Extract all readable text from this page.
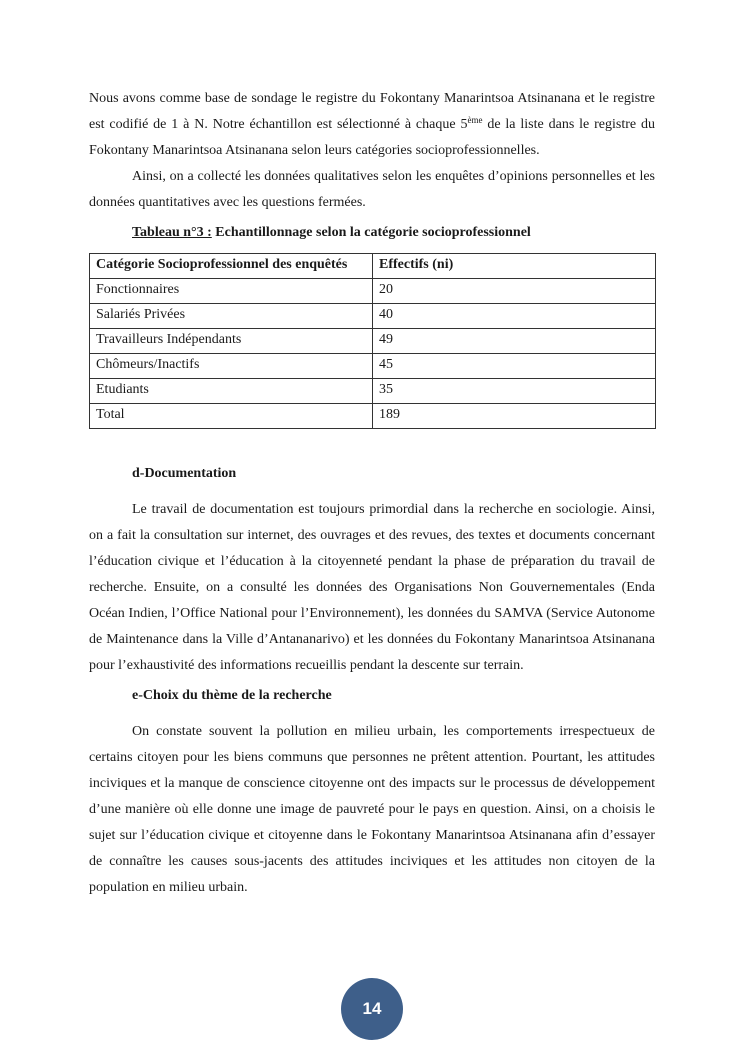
Nous avons comme base de sondage le registre du Fokontany Manarintsoa Atsinanana et le registre est codifié de 1 à N. Notre échantillon est sélectionné à chaque 5ème de la liste dans le registre du Fokontany Manarintsoa Atsinanana selon leurs catégories socioprofessionnelles.

Ainsi, on a collecté les données qualitatives selon les enquêtes d’opinions personnelles et les données quantitatives avec les questions fermées.

Tableau n°3 : Echantillonnage selon la catégorie socioprofessionnel
Catégorie Socioprofessionnel des enquêtés	Effectifs (ni)
Fonctionnaires	20
Salariés Privées	40
Travailleurs Indépendants	49
Chômeurs/Inactifs	45
Etudiants	35
Total	189
d-Documentation

Le travail de documentation est toujours primordial dans la recherche en sociologie. Ainsi, on a fait la consultation sur internet, des ouvrages et des revues, des textes et documents concernant l’éducation civique et l’éducation à la citoyenneté pendant la phase de préparation du travail de recherche. Ensuite, on a consulté les données des Organisations Non Gouvernementales (Enda Océan Indien, l’Office National pour l’Environnement), les données du SAMVA (Service Autonome de Maintenance dans la Ville d’Antananarivo) et les données du Fokontany Manarintsoa Atsinanana pour l’exhaustivité des informations recueillis pendant la descente sur terrain.

e-Choix du thème de la recherche

On constate souvent la pollution en milieu urbain, les comportements irrespectueux de certains citoyen pour les biens communs que personnes ne prêtent attention. Pourtant, les attitudes inciviques et la manque de conscience citoyenne ont des impacts sur le processus de développement d’une manière où elle donne une image de pauvreté pour le pays en question. Ainsi, on a choisis le sujet sur l’éducation civique et citoyenne dans le Fokontany Manarintsoa Atsinanana afin d’essayer de connaître les causes sous-jacents des attitudes inciviques et les attitudes non citoyen de la population en milieu urbain.

14
